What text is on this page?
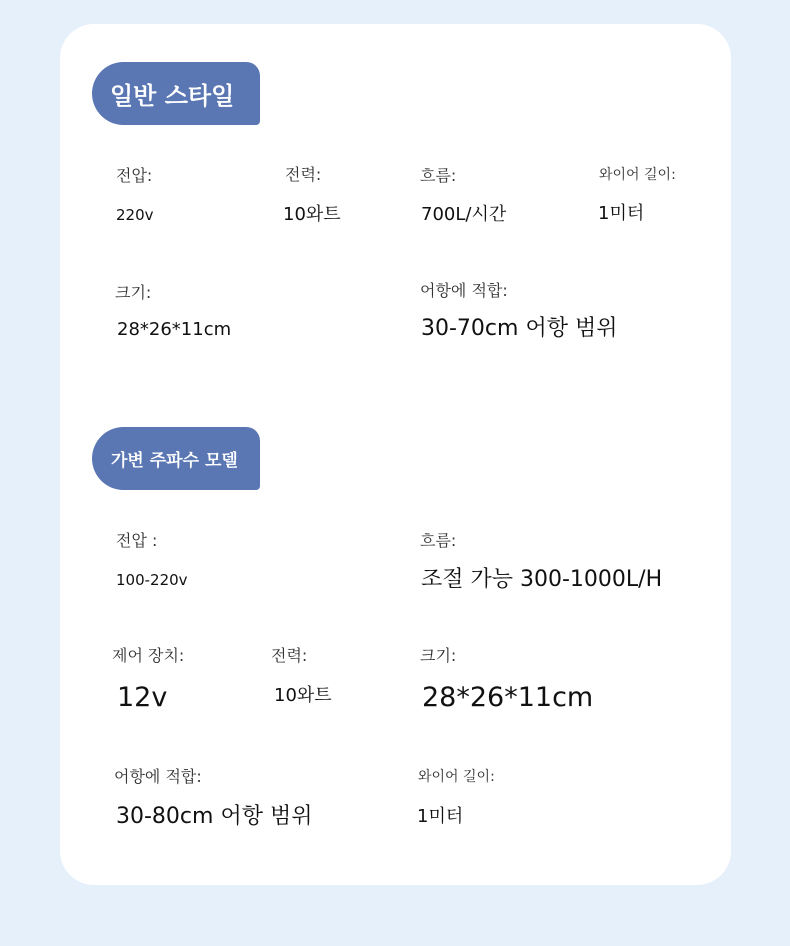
일반 스타일
전압:
220v
전력:
10와트
흐름:
700L/시간
와이어 길이:
1미터
크기:
28*26*11cm
어항에 적합:
30-70cm 어항 범위
가변 주파수 모델
전압 :
100-220v
흐름:
조절 가능 300-1000L/H
제어 장치:
12v
전력:
10와트
크기:
28*26*11cm
어항에 적합:
30-80cm 어항 범위
와이어 길이:
1미터
